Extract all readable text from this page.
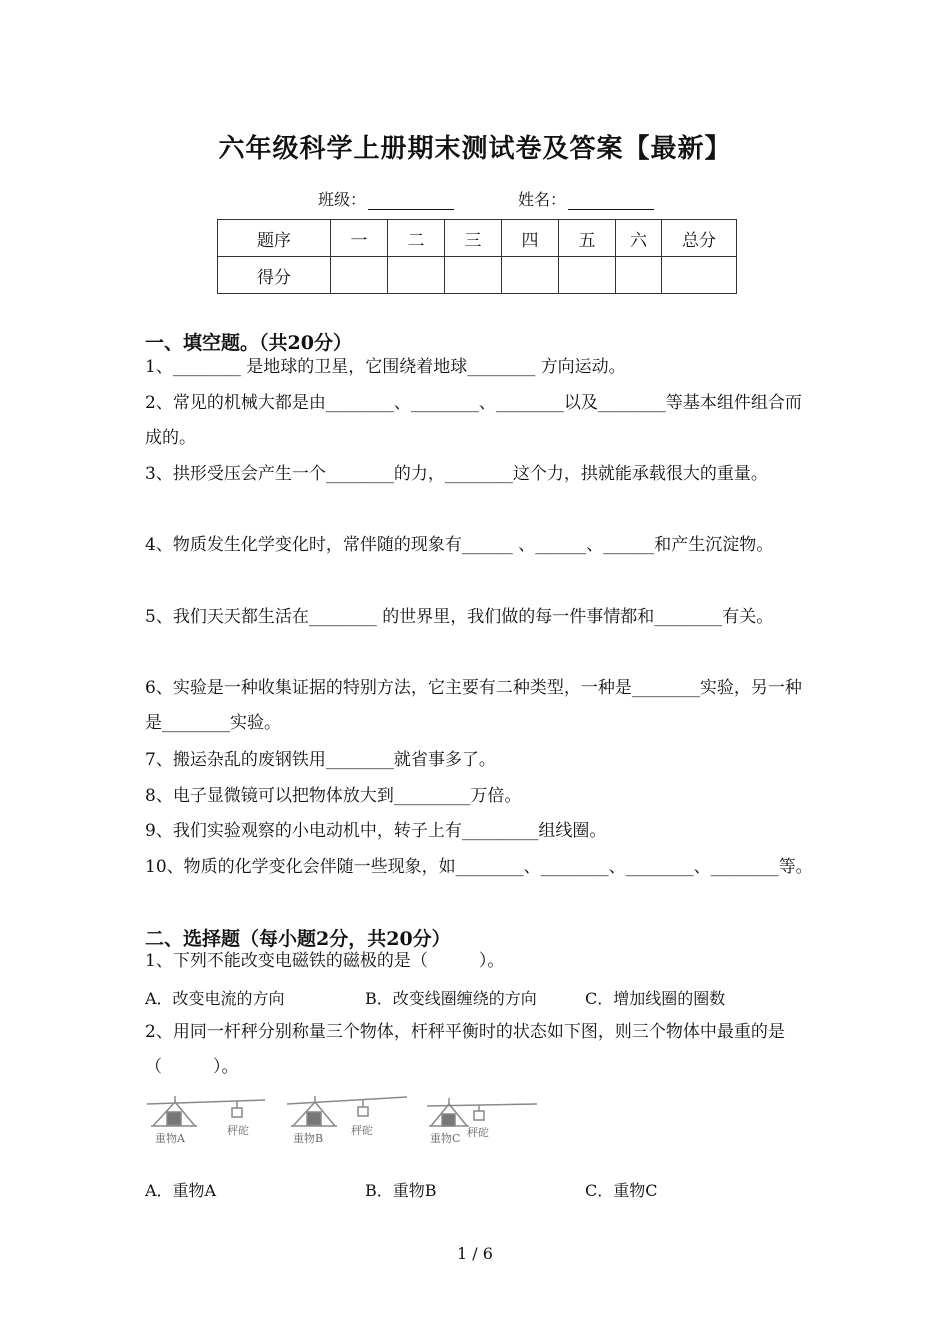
六年级科学上册期末测试卷及答案【最新】
班级：	姓名：
题序	一	二	三	四	五	六	总分
得分							
一、填空题。（共20分）
1、________ 是地球的卫星，它围绕着地球________ 方向运动。
2、常见的机械大都是由________、________、________以及________等基本组件组合而成的。
3、拱形受压会产生一个________的力，________这个力，拱就能承载很大的重量。
4、物质发生化学变化时，常伴随的现象有______ 、______、______和产生沉淀物。
5、我们天天都生活在________ 的世界里，我们做的每一件事情都和________有关。
6、实验是一种收集证据的特别方法，它主要有二种类型，一种是________实验，另一种是________实验。
7、搬运杂乱的废钢铁用________就省事多了。
8、电子显微镜可以把物体放大到_________万倍。
9、我们实验观察的小电动机中，转子上有_________组线圈。
10、物质的化学变化会伴随一些现象，如________、________、________、________等。
二、选择题（每小题2分，共20分）
1、下列不能改变电磁铁的磁极的是（　　　）。
A．改变电流的方向	B．改变线圈缠绕的方向	C．增加线圈的圈数
2、用同一杆秤分别称量三个物体，杆秤平衡时的状态如下图，则三个物体中最重的是（　　　）。
重物A
秤砣
重物B
秤砣
重物C 秤砣
A．重物A	B．重物B	C．重物C
1 / 6
